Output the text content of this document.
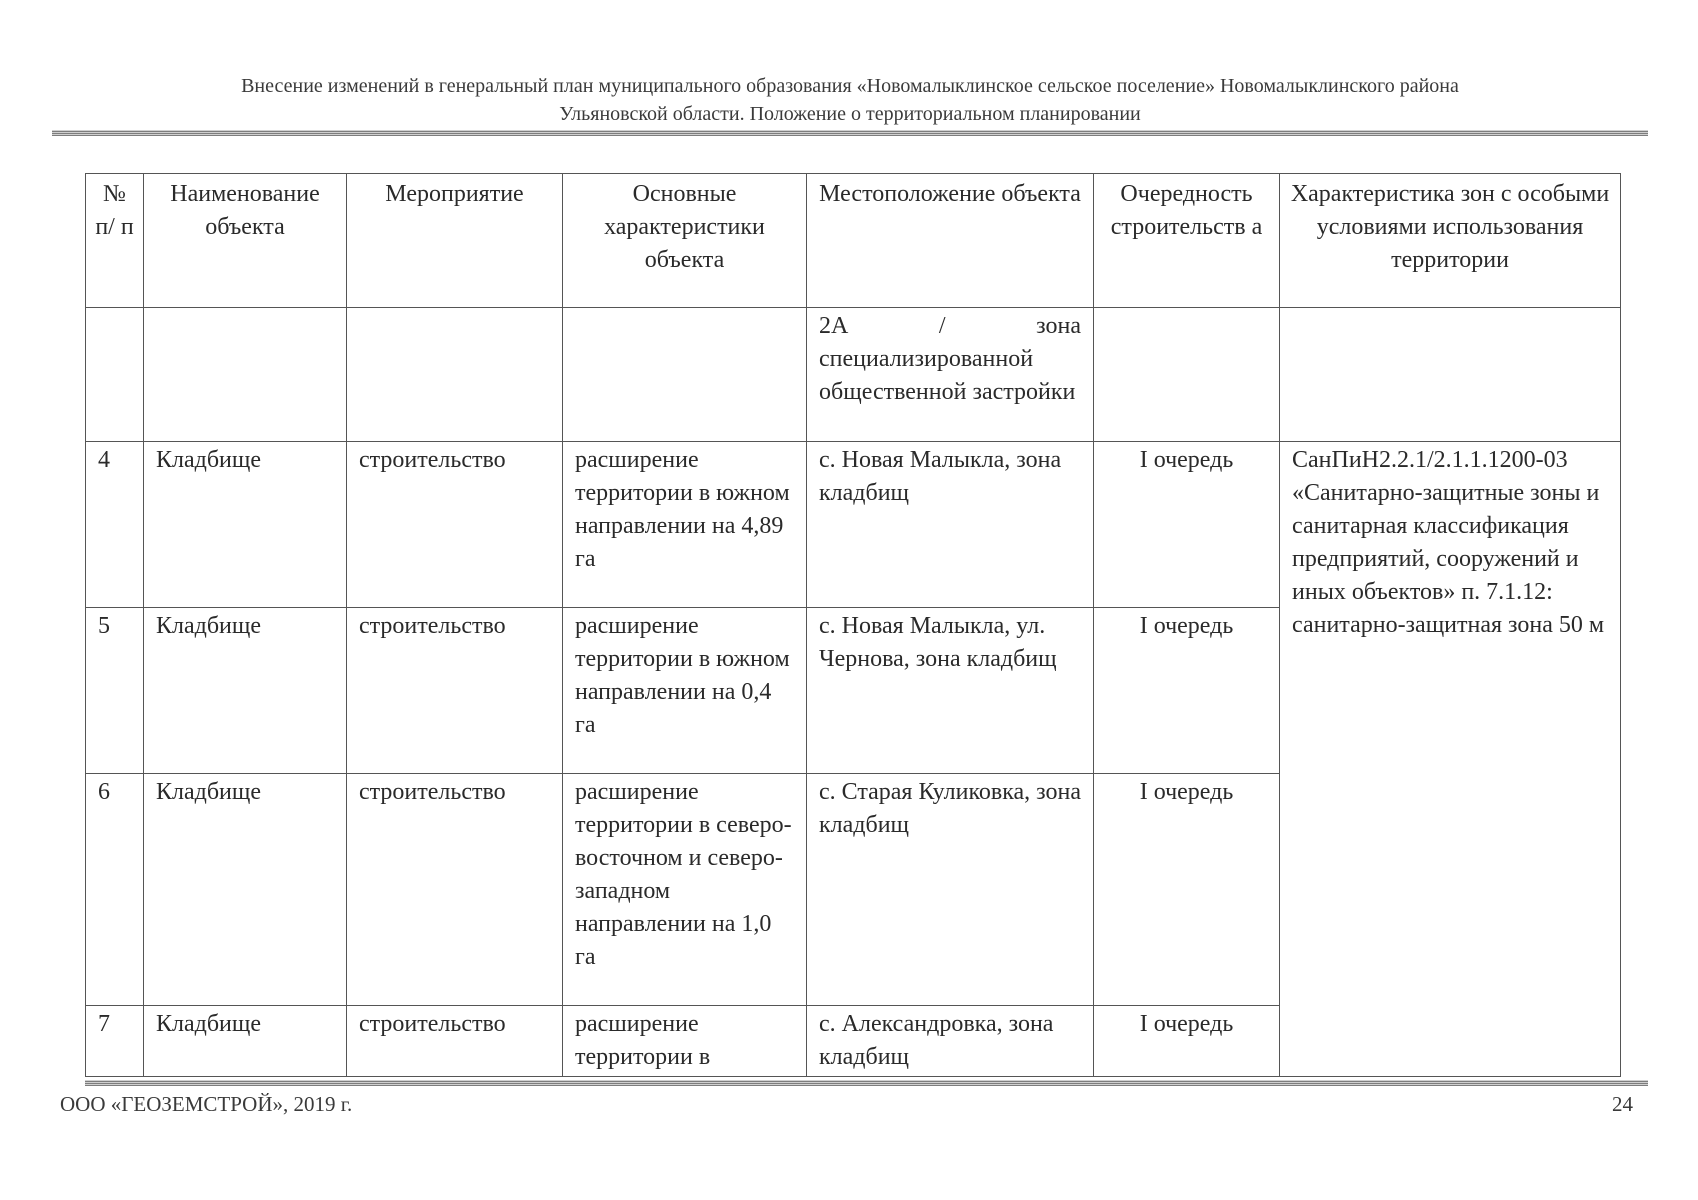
Внесение изменений в генеральный план муниципального образования «Новомалыклинское сельское поселение» Новомалыклинского района
Ульяновской области. Положение о территориальном планировании
№ п/ п	Наименование объекта	Мероприятие	Основные характеристики объекта	Местоположение объекта	Очередность строительств а	Характеристика зон с особыми условиями использования территории

				2А / зона
специализированной общественной застройки		

4	Кладбище	строительство	расширение территории в южном направлении на 4,89 га	с. Новая Малыкла, зона кладбищ	I очередь	СанПиН2.2.1/2.1.1.1200-03 «Санитарно-защитные зоны и санитарная классификация предприятий, сооружений и иных объектов» п. 7.1.12: санитарно-защитная зона 50 м
5	Кладбище	строительство	расширение территории в южном направлении на 0,4 га	с. Новая Малыкла, ул. Чернова, зона кладбищ	I очередь	
6	Кладбище	строительство	расширение территории в северо-восточном и северо-западном направлении на 1,0 га	с. Старая Куликовка, зона кладбищ	I очередь	
7	Кладбище	строительство	расширение территории в	с. Александровка, зона кладбищ	I очередь	
ООО «ГЕОЗЕМСТРОЙ», 2019 г.	24
